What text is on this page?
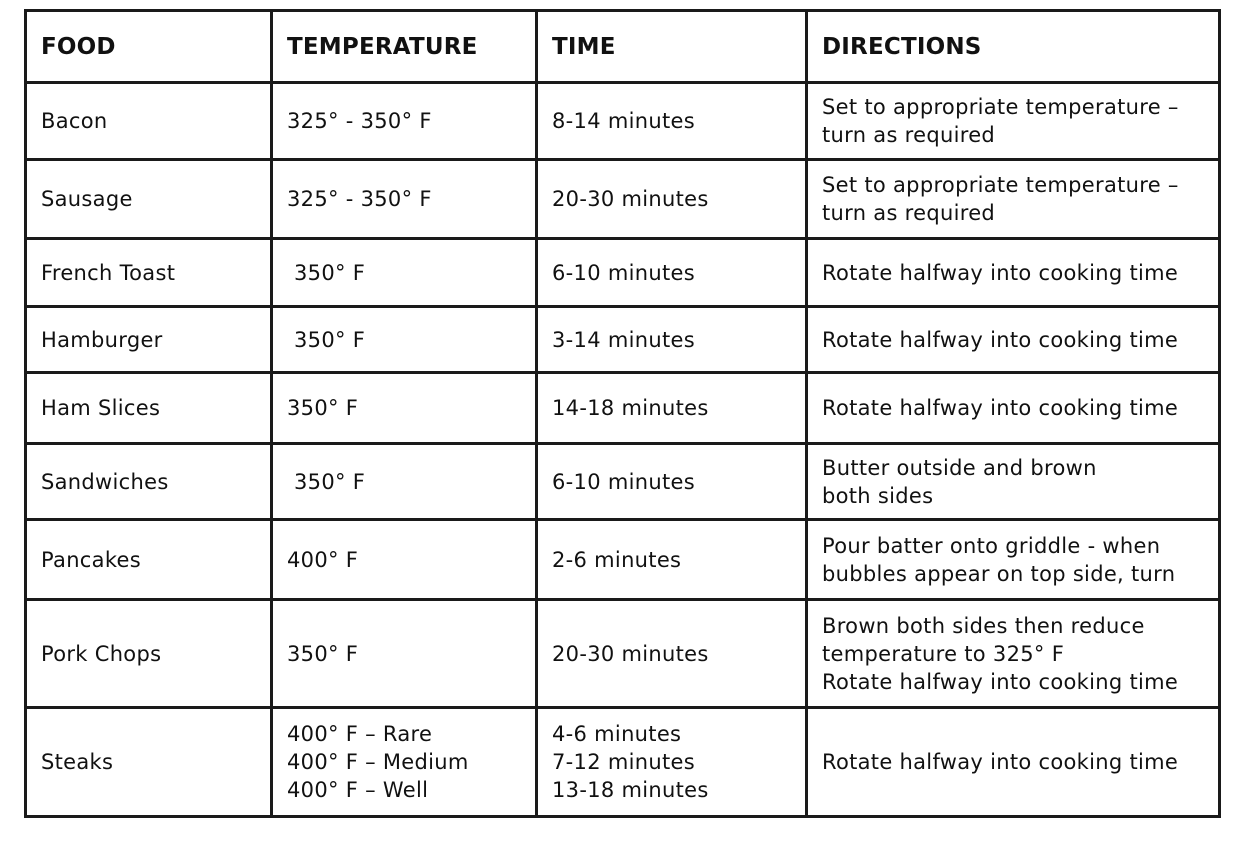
FOOD	TEMPERATURE	TIME	DIRECTIONS
Bacon	325° - 350° F	8-14 minutes	Set to appropriate temperature –
turn as required
Sausage	325° - 350° F	20-30 minutes	Set to appropriate temperature –
turn as required
French Toast	350° F	6-10 minutes	Rotate halfway into cooking time
Hamburger	350° F	3-14 minutes	Rotate halfway into cooking time
Ham Slices	350° F	14-18 minutes	Rotate halfway into cooking time
Sandwiches	350° F	6-10 minutes	Butter outside and brown
both sides
Pancakes	400° F	2-6 minutes	Pour batter onto griddle - when
bubbles appear on top side, turn
Pork Chops	350° F	20-30 minutes	Brown both sides then reduce
temperature to 325° F
Rotate halfway into cooking time
Steaks	400° F – Rare
400° F – Medium
400° F – Well	4-6 minutes
7-12 minutes
13-18 minutes	Rotate halfway into cooking time
